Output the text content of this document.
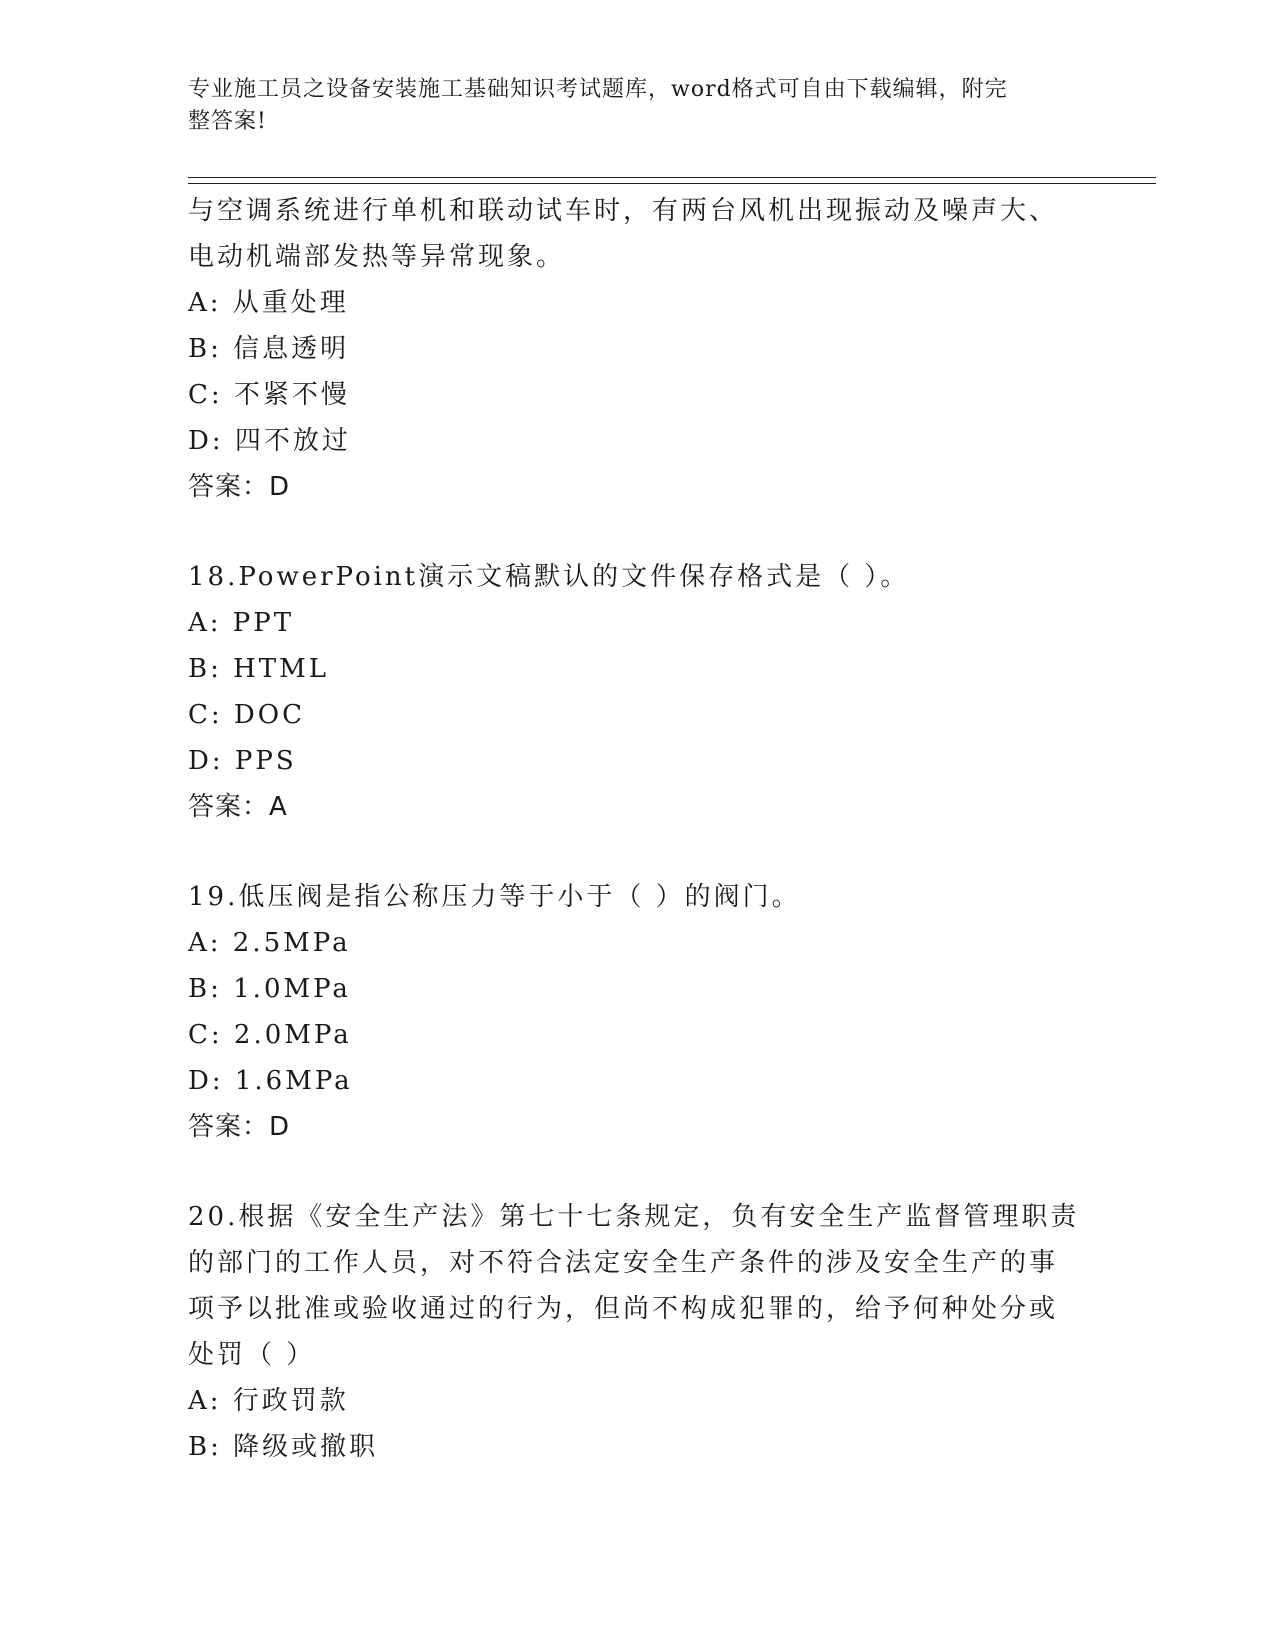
专业施工员之设备安装施工基础知识考试题库，word格式可自由下载编辑，附完
整答案!
与空调系统进行单机和联动试车时，有两台风机出现振动及噪声大、
电动机端部发热等异常现象。
A: 从重处理
B: 信息透明
C: 不紧不慢
D: 四不放过
答案：D
18.PowerPoint演示文稿默认的文件保存格式是（ ）。
A: PPT
B: HTML
C: DOC
D: PPS
答案：A
19.低压阀是指公称压力等于小于（ ）的阀门。
A: 2.5MPa
B: 1.0MPa
C: 2.0MPa
D: 1.6MPa
答案：D
20.根据《安全生产法》第七十七条规定，负有安全生产监督管理职责
的部门的工作人员，对不符合法定安全生产条件的涉及安全生产的事
项予以批准或验收通过的行为，但尚不构成犯罪的，给予何种处分或
处罚（ ）
A: 行政罚款
B: 降级或撤职
